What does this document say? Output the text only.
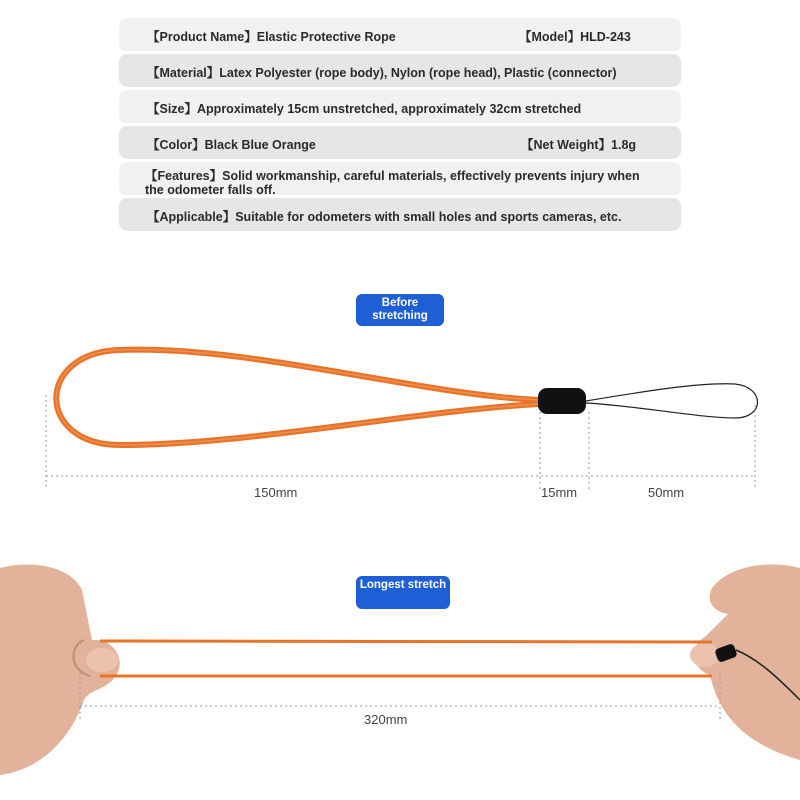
【Product Name】Elastic Protective Rope	【Model】HLD-243
【Material】Latex Polyester (rope body), Nylon (rope head), Plastic (connector)
【Size】Approximately 15cm unstretched, approximately 32cm stretched
【Color】Black Blue Orange	【Net Weight】1.8g
【Features】Solid workmanship, careful materials, effectively prevents injury when the odometer falls off.
【Applicable】Suitable for odometers with small holes and sports cameras, etc.
Before stretching
Longest stretch
150mm	15mm	50mm
320mm
